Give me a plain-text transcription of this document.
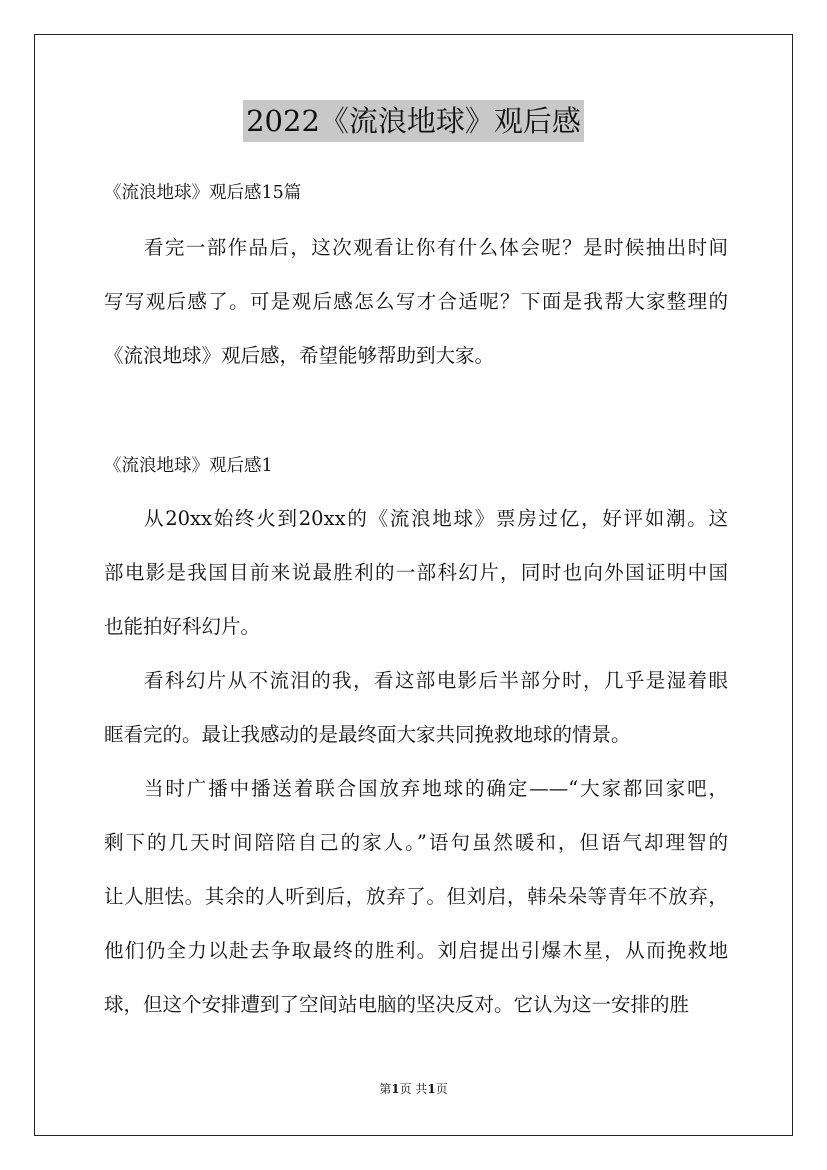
2022《流浪地球》观后感
《流浪地球》观后感15篇
看完一部作品后，这次观看让你有什么体会呢？是时候抽出时间
写写观后感了。可是观后感怎么写才合适呢？下面是我帮大家整理的
《流浪地球》观后感，希望能够帮助到大家。
《流浪地球》观后感1
从20xx始终火到20xx的《流浪地球》票房过亿，好评如潮。这
部电影是我国目前来说最胜利的一部科幻片，同时也向外国证明中国
也能拍好科幻片。
看科幻片从不流泪的我，看这部电影后半部分时，几乎是湿着眼
眶看完的。最让我感动的是最终面大家共同挽救地球的情景。
当时广播中播送着联合国放弃地球的确定——“大家都回家吧，
剩下的几天时间陪陪自己的家人。”语句虽然暖和，但语气却理智的
让人胆怯。其余的人听到后，放弃了。但刘启，韩朵朵等青年不放弃，
他们仍全力以赴去争取最终的胜利。刘启提出引爆木星，从而挽救地
球，但这个安排遭到了空间站电脑的坚决反对。它认为这一安排的胜
第1页 共1页
